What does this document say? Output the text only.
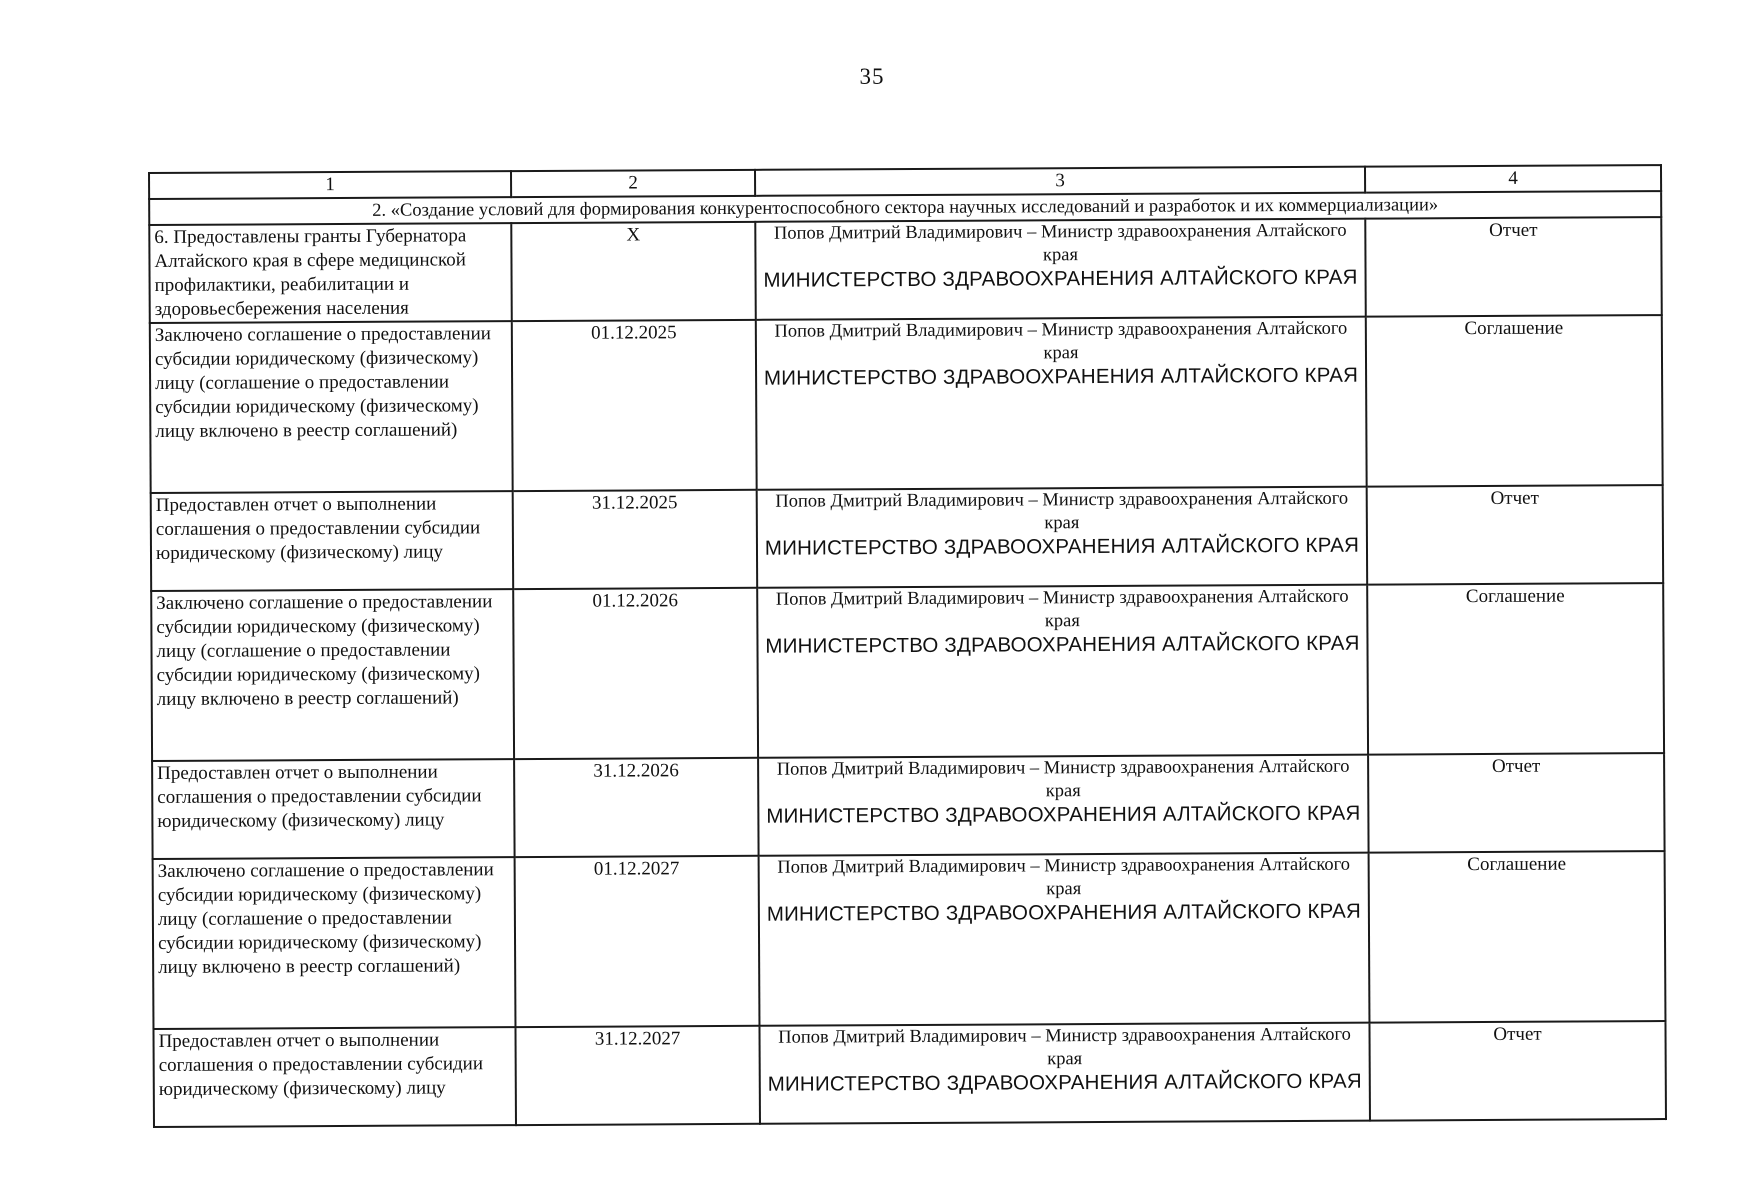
35
1	2	3	4
2. «Создание условий для формирования конкурентоспособного сектора научных исследований и разработок и их коммерциализации»			
6. Предоставлены гранты Губернатора Алтайского края в сфере медицинской профилактики, реабилитации и здоровьесбережения населения	X	Попов Дмитрий Владимирович – Министр здравоохранения Алтайского края
МИНИСТЕРСТВО ЗДРАВООХРАНЕНИЯ АЛТАЙСКОГО КРАЯ	Отчет
Заключено соглашение о предоставлении субсидии юридическому (физическому) лицу (соглашение о предоставлении субсидии юридическому (физическому) лицу включено в реестр соглашений)	01.12.2025	Попов Дмитрий Владимирович – Министр здравоохранения Алтайского края
МИНИСТЕРСТВО ЗДРАВООХРАНЕНИЯ АЛТАЙСКОГО КРАЯ	Соглашение
Предоставлен отчет о выполнении соглашения о предоставлении субсидии юридическому (физическому) лицу	31.12.2025	Попов Дмитрий Владимирович – Министр здравоохранения Алтайского края
МИНИСТЕРСТВО ЗДРАВООХРАНЕНИЯ АЛТАЙСКОГО КРАЯ	Отчет
Заключено соглашение о предоставлении субсидии юридическому (физическому) лицу (соглашение о предоставлении субсидии юридическому (физическому) лицу включено в реестр соглашений)	01.12.2026	Попов Дмитрий Владимирович – Министр здравоохранения Алтайского края
МИНИСТЕРСТВО ЗДРАВООХРАНЕНИЯ АЛТАЙСКОГО КРАЯ	Соглашение
Предоставлен отчет о выполнении соглашения о предоставлении субсидии юридическому (физическому) лицу	31.12.2026	Попов Дмитрий Владимирович – Министр здравоохранения Алтайского края
МИНИСТЕРСТВО ЗДРАВООХРАНЕНИЯ АЛТАЙСКОГО КРАЯ	Отчет
Заключено соглашение о предоставлении субсидии юридическому (физическому) лицу (соглашение о предоставлении субсидии юридическому (физическому) лицу включено в реестр соглашений)	01.12.2027	Попов Дмитрий Владимирович – Министр здравоохранения Алтайского края
МИНИСТЕРСТВО ЗДРАВООХРАНЕНИЯ АЛТАЙСКОГО КРАЯ	Соглашение
Предоставлен отчет о выполнении соглашения о предоставлении субсидии юридическому (физическому) лицу	31.12.2027	Попов Дмитрий Владимирович – Министр здравоохранения Алтайского края
МИНИСТЕРСТВО ЗДРАВООХРАНЕНИЯ АЛТАЙСКОГО КРАЯ	Отчет
